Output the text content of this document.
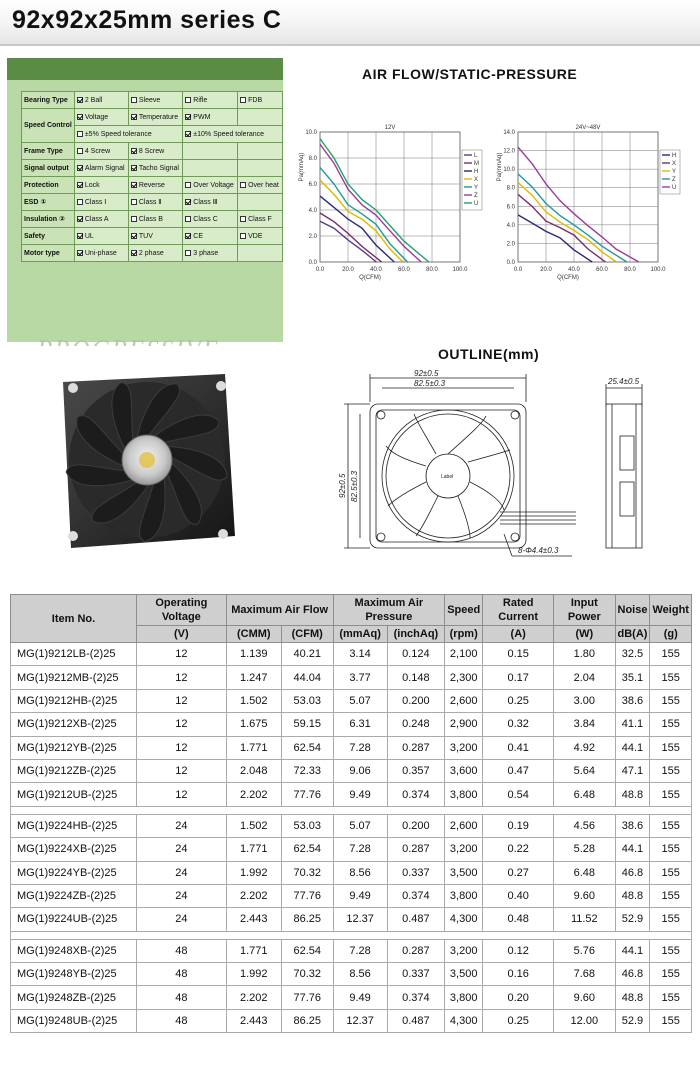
92x92x25mm series C
Bearing Type	2 Ball	Sleeve	Rifle	FDB
Speed Control	Voltage	Temperature	PWM	
	±5% Speed tolerance		±10% Speed tolerance	
Frame Type	4 Screw	8 Screw		
Signal output	Alarm Signal	Tacho Signal		
Protection	Lock	Reverse	Over Voltage	Over heat
ESD ①	Class Ⅰ	Class Ⅱ	Class Ⅲ	
Insulation ②	Class A	Class B	Class C	Class F
Safety	UL	TUV	CE	VDE
Motor type	Uni-phase	2 phase	3 phase	
AIR FLOW/STATIC-PRESSURE
0.0	20.0	40.0	60.0	80.0 100.0
0.0
2.0
4.0
6.0
8.0
10.0
12V
Q(CFM)
Pa(mmAq)	L
M
H
X
Y
Z
U
0.0	20.0	40.0	60.0	80.0 100.0
0.0
2.0
4.0
6.0
8.0
10.0
12.0
14.0
24V~48V
Q(CFM)
Pa(mmAq)	H
X
Y
Z
U
OUTLINE(mm)
92±0.5
82.5±0.3
92±0.5 82.5±0.3
25.4±0.5
8-Φ4.4±0.3
Label
Item No.	Operating Voltage	Maximum Air Flow		Maximum Air Pressure		Speed	Rated Current	Input Power	Noise	Weight
	(V)	(CMM)	(CFM)	(mmAq)	(inchAq)	(rpm)	(A)	(W)	dB(A)	(g)
MG(1)9212LB-(2)25	12	1.139	40.21	3.14	0.124	2,100	0.15	1.80	32.5	155
MG(1)9212MB-(2)25	12	1.247	44.04	3.77	0.148	2,300	0.17	2.04	35.1	155
MG(1)9212HB-(2)25	12	1.502	53.03	5.07	0.200	2,600	0.25	3.00	38.6	155
MG(1)9212XB-(2)25	12	1.675	59.15	6.31	0.248	2,900	0.32	3.84	41.1	155
MG(1)9212YB-(2)25	12	1.771	62.54	7.28	0.287	3,200	0.41	4.92	44.1	155
MG(1)9212ZB-(2)25	12	2.048	72.33	9.06	0.357	3,600	0.47	5.64	47.1	155
MG(1)9212UB-(2)25	12	2.202	77.76	9.49	0.374	3,800	0.54	6.48	48.8	155

MG(1)9224HB-(2)25	24	1.502	53.03	5.07	0.200	2,600	0.19	4.56	38.6	155
MG(1)9224XB-(2)25	24	1.771	62.54	7.28	0.287	3,200	0.22	5.28	44.1	155
MG(1)9224YB-(2)25	24	1.992	70.32	8.56	0.337	3,500	0.27	6.48	46.8	155
MG(1)9224ZB-(2)25	24	2.202	77.76	9.49	0.374	3,800	0.40	9.60	48.8	155
MG(1)9224UB-(2)25	24	2.443	86.25	12.37	0.487	4,300	0.48	11.52	52.9	155

MG(1)9248XB-(2)25	48	1.771	62.54	7.28	0.287	3,200	0.12	5.76	44.1	155
MG(1)9248YB-(2)25	48	1.992	70.32	8.56	0.337	3,500	0.16	7.68	46.8	155
MG(1)9248ZB-(2)25	48	2.202	77.76	9.49	0.374	3,800	0.20	9.60	48.8	155
MG(1)9248UB-(2)25	48	2.443	86.25	12.37	0.487	4,300	0.25	12.00	52.9	155
